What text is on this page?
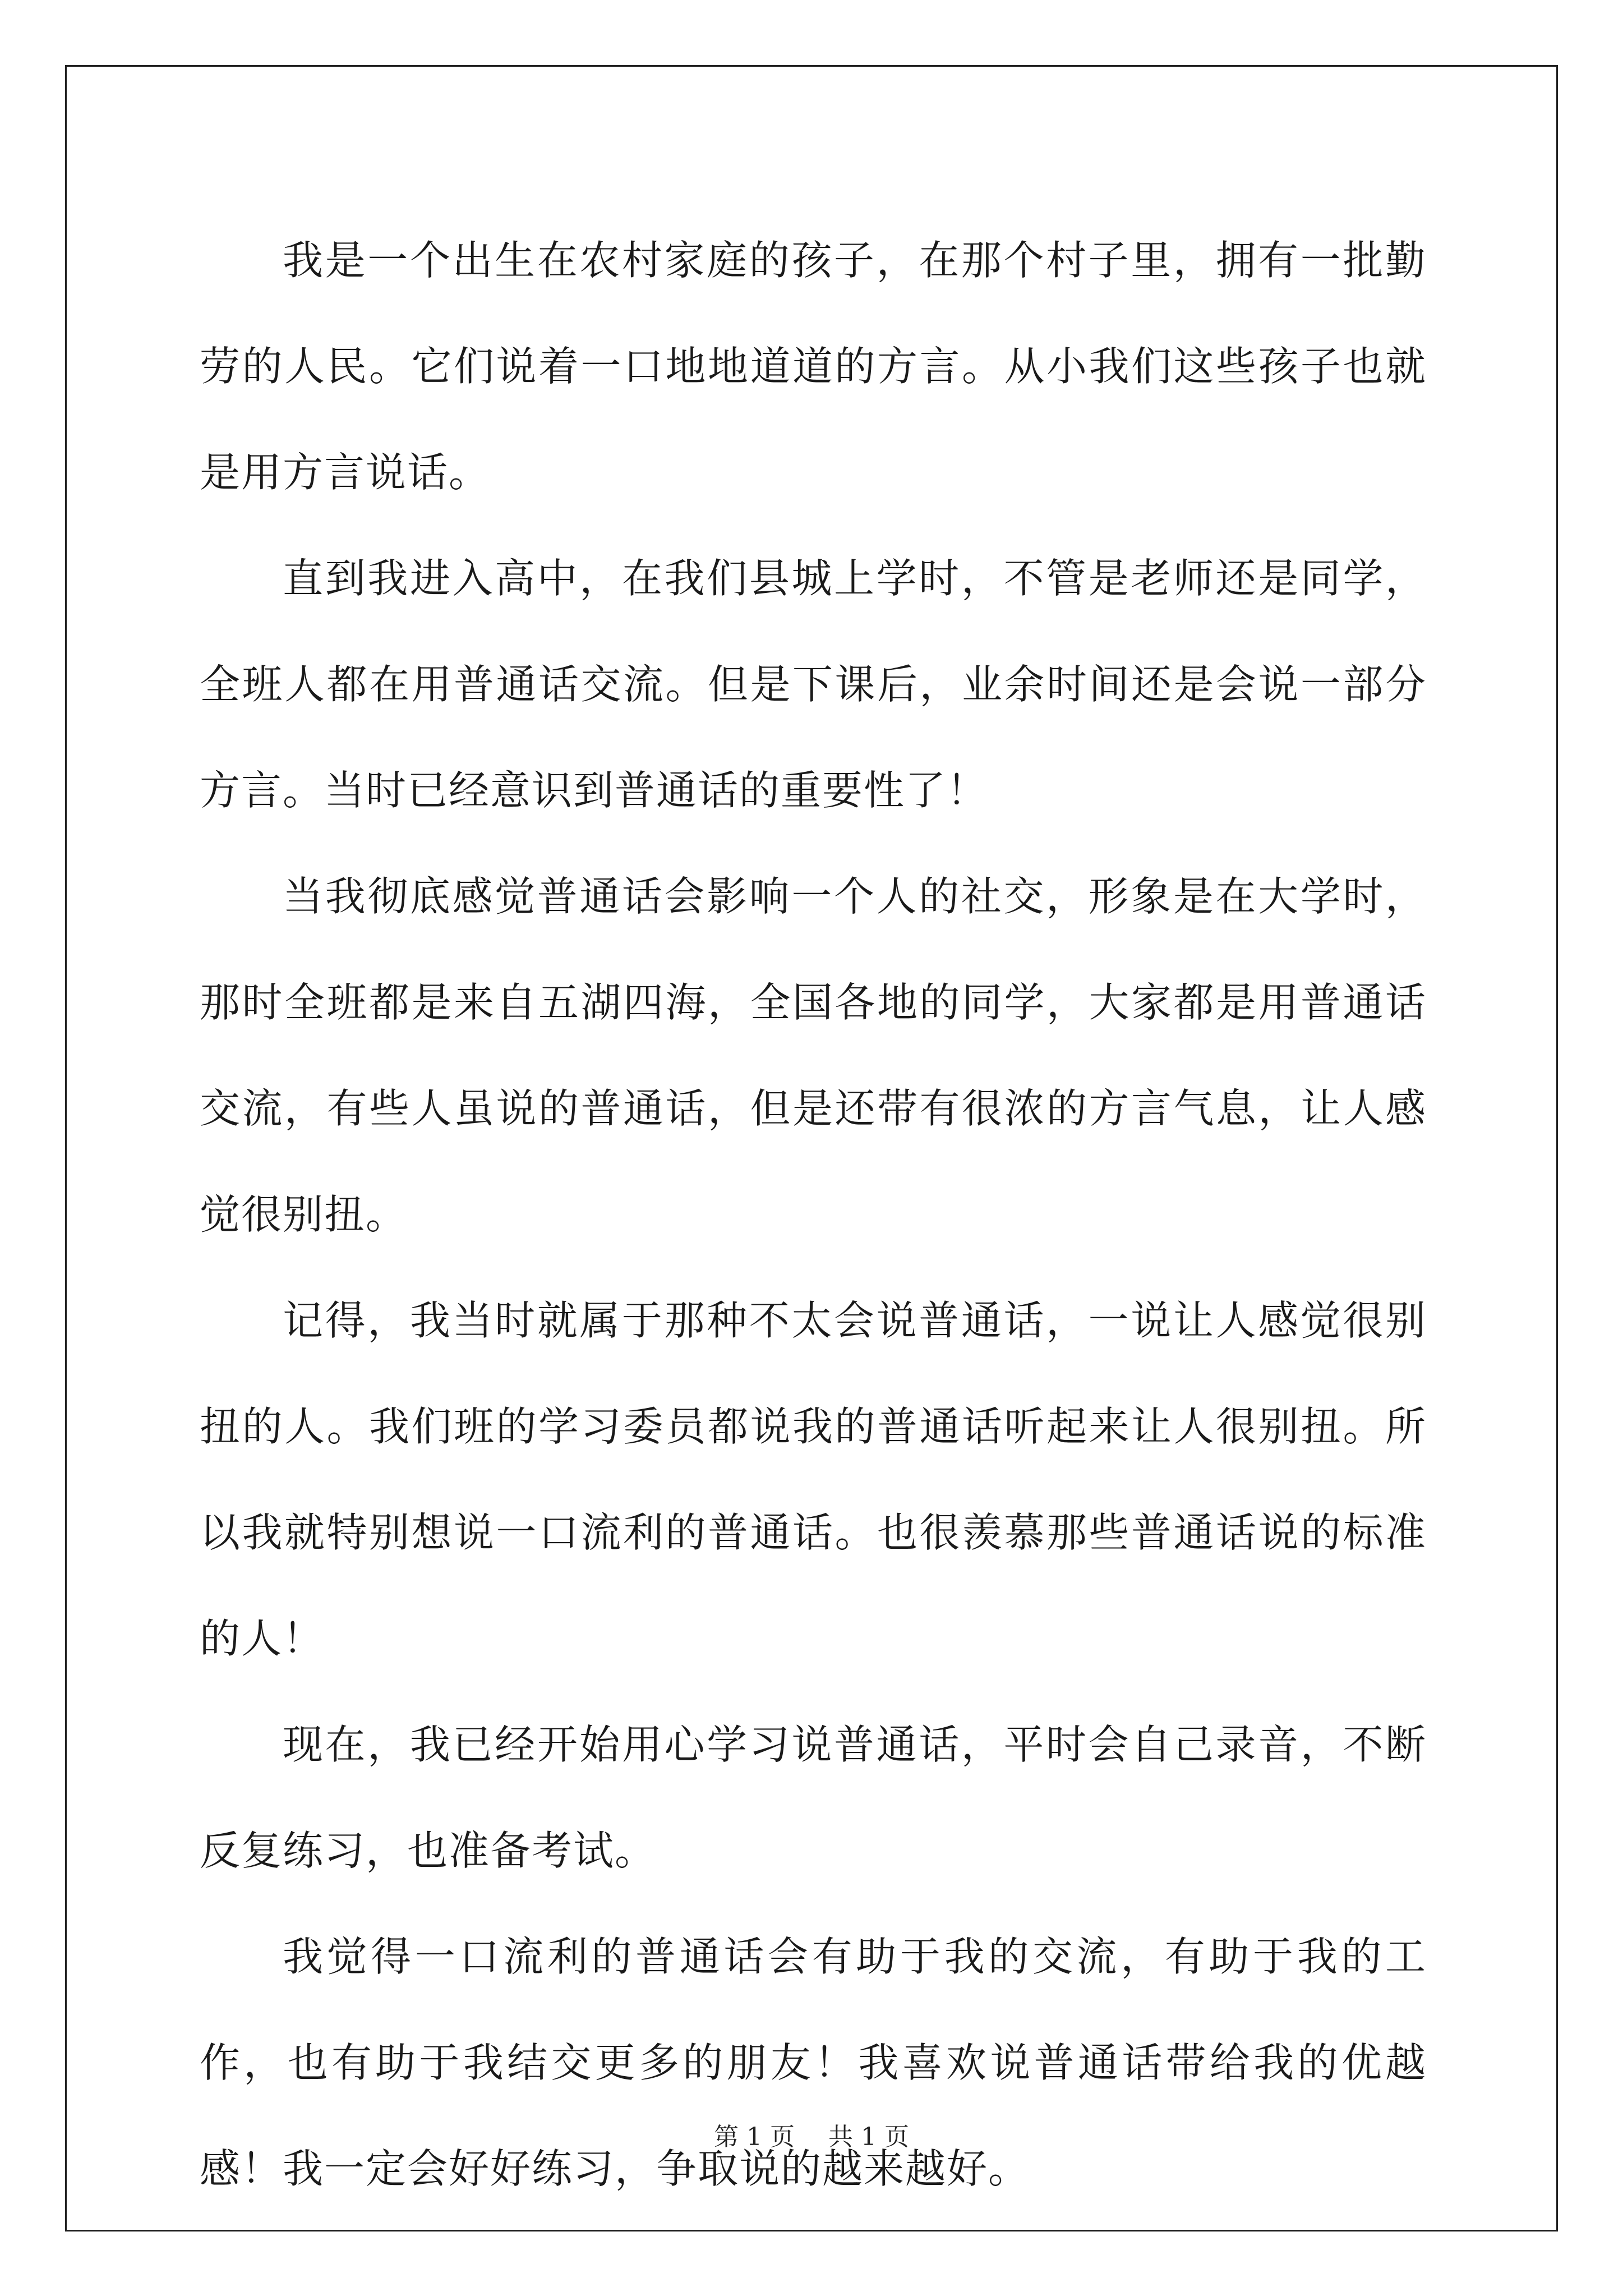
我是一个出生在农村家庭的孩子，在那个村子里，拥有一批勤劳的人民。它们说着一口地地道道的方言。从小我们这些孩子也就是用方言说话。

直到我进入高中，在我们县城上学时，不管是老师还是同学，全班人都在用普通话交流。但是下课后，业余时间还是会说一部分方言。当时已经意识到普通话的重要性了！

当我彻底感觉普通话会影响一个人的社交，形象是在大学时，那时全班都是来自五湖四海，全国各地的同学，大家都是用普通话交流，有些人虽说的普通话，但是还带有很浓的方言气息，让人感觉很别扭。

记得，我当时就属于那种不太会说普通话，一说让人感觉很别扭的人。我们班的学习委员都说我的普通话听起来让人很别扭。所以我就特别想说一口流利的普通话。也很羡慕那些普通话说的标准的人！

现在，我已经开始用心学习说普通话，平时会自己录音，不断反复练习，也准备考试。

我觉得一口流利的普通话会有助于我的交流，有助于我的工作，也有助于我结交更多的朋友！我喜欢说普通话带给我的优越感！我一定会好好练习，争取说的越来越好。

第 1 页 共 1 页
